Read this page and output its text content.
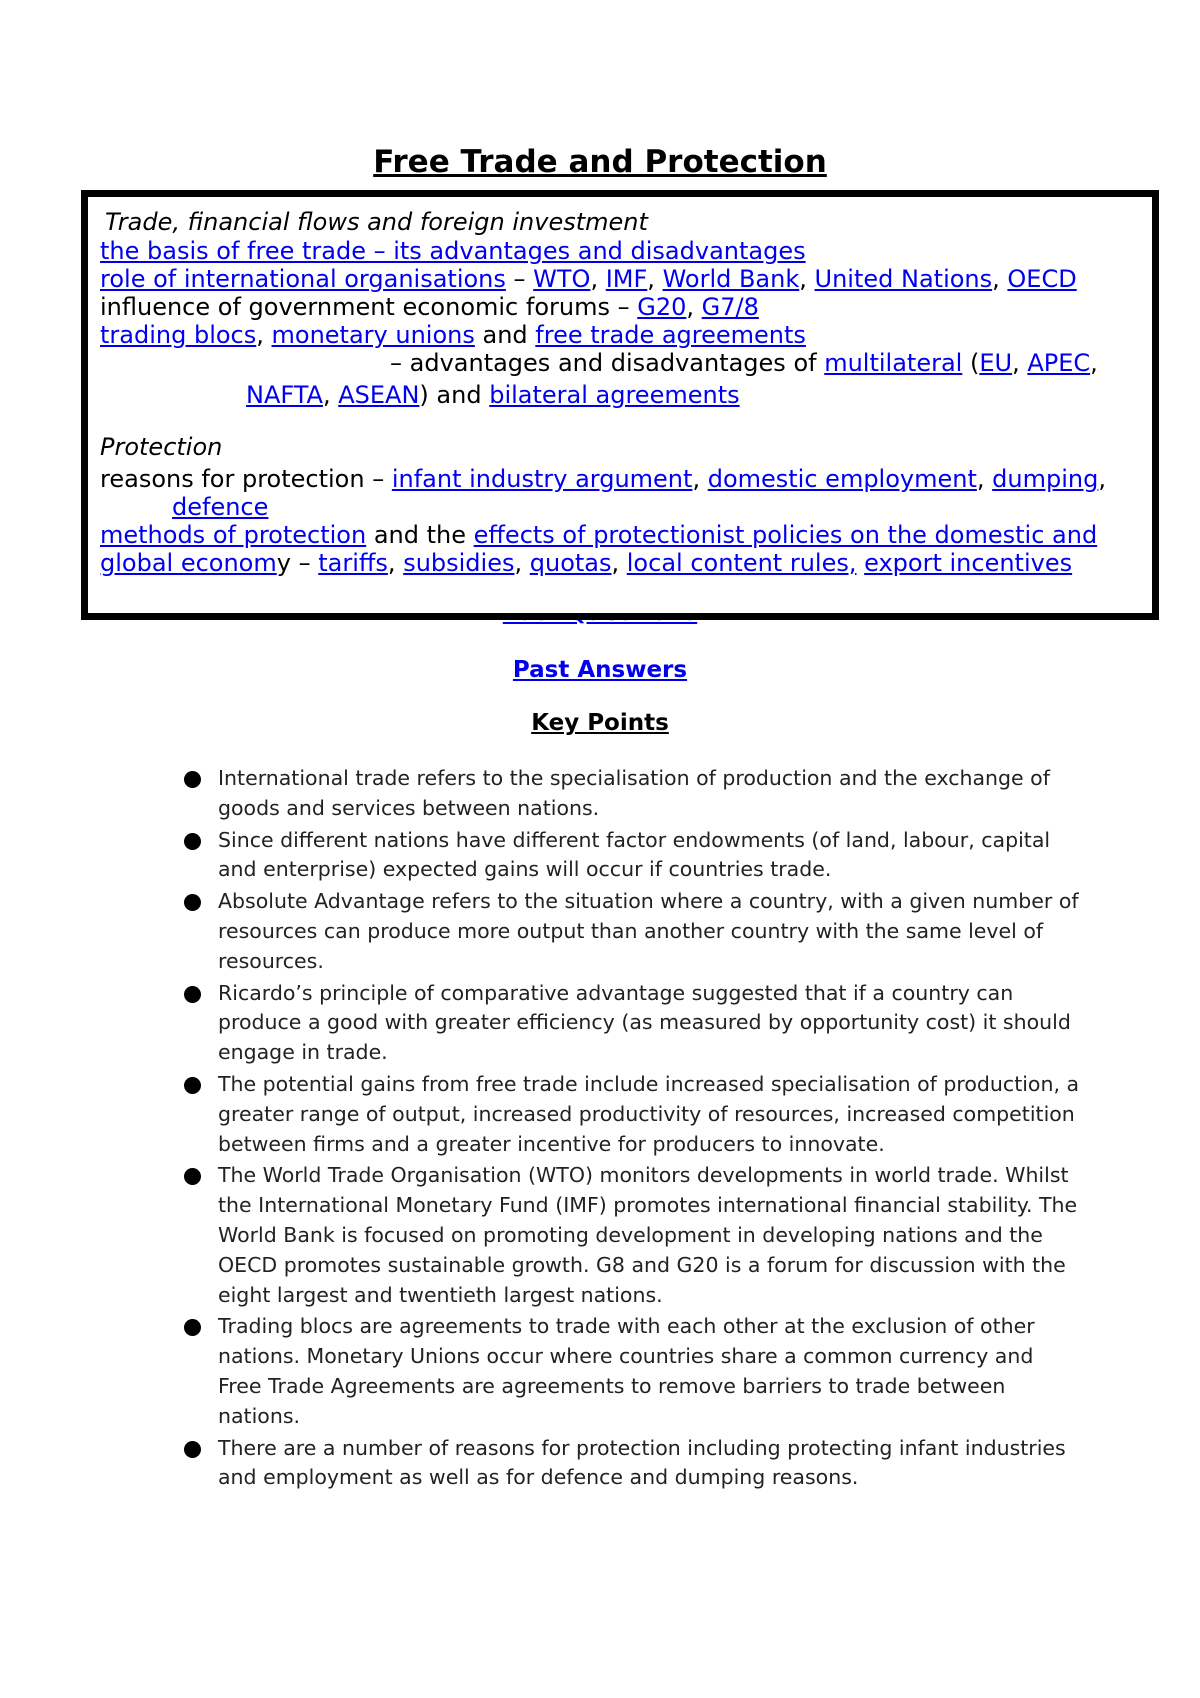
Free Trade and Protection
Past Answers
Key Points
Trade, financial flows and foreign investment
the basis of free trade – its advantages and disadvantages
role of international organisations – WTO, IMF, World Bank, United Nations, OECD
influence of government economic forums – G20, G7/8
trading blocs, monetary unions and free trade agreements
– advantages and disadvantages of multilateral (EU, APEC,
NAFTA, ASEAN) and bilateral agreements
Protection
reasons for protection – infant industry argument, domestic employment, dumping,
defence
methods of protection and the effects of protectionist policies on the domestic and
global economy – tariffs, subsidies, quotas, local content rules, export incentives
International trade refers to the specialisation of production and the exchange of goods and services between nations.
Since different nations have different factor endowments (of land, labour, capital and enterprise) expected gains will occur if countries trade.
Absolute Advantage refers to the situation where a country, with a given number of resources can produce more output than another country with the same level of resources.
Ricardo’s principle of comparative advantage suggested that if a country can produce a good with greater efficiency (as measured by opportunity cost) it should engage in trade.
The potential gains from free trade include increased specialisation of production, a greater range of output, increased productivity of resources, increased competition between firms and a greater incentive for producers to innovate.
The World Trade Organisation (WTO) monitors developments in world trade. Whilst the International Monetary Fund (IMF) promotes international financial stability. The World Bank is focused on promoting development in developing nations and the OECD promotes sustainable growth. G8 and G20 is a forum for discussion with the eight largest and twentieth largest nations.
Trading blocs are agreements to trade with each other at the exclusion of other nations. Monetary Unions occur where countries share a common currency and Free Trade Agreements are agreements to remove barriers to trade between nations.
There are a number of reasons for protection including protecting infant industries and employment as well as for defence and dumping reasons.
